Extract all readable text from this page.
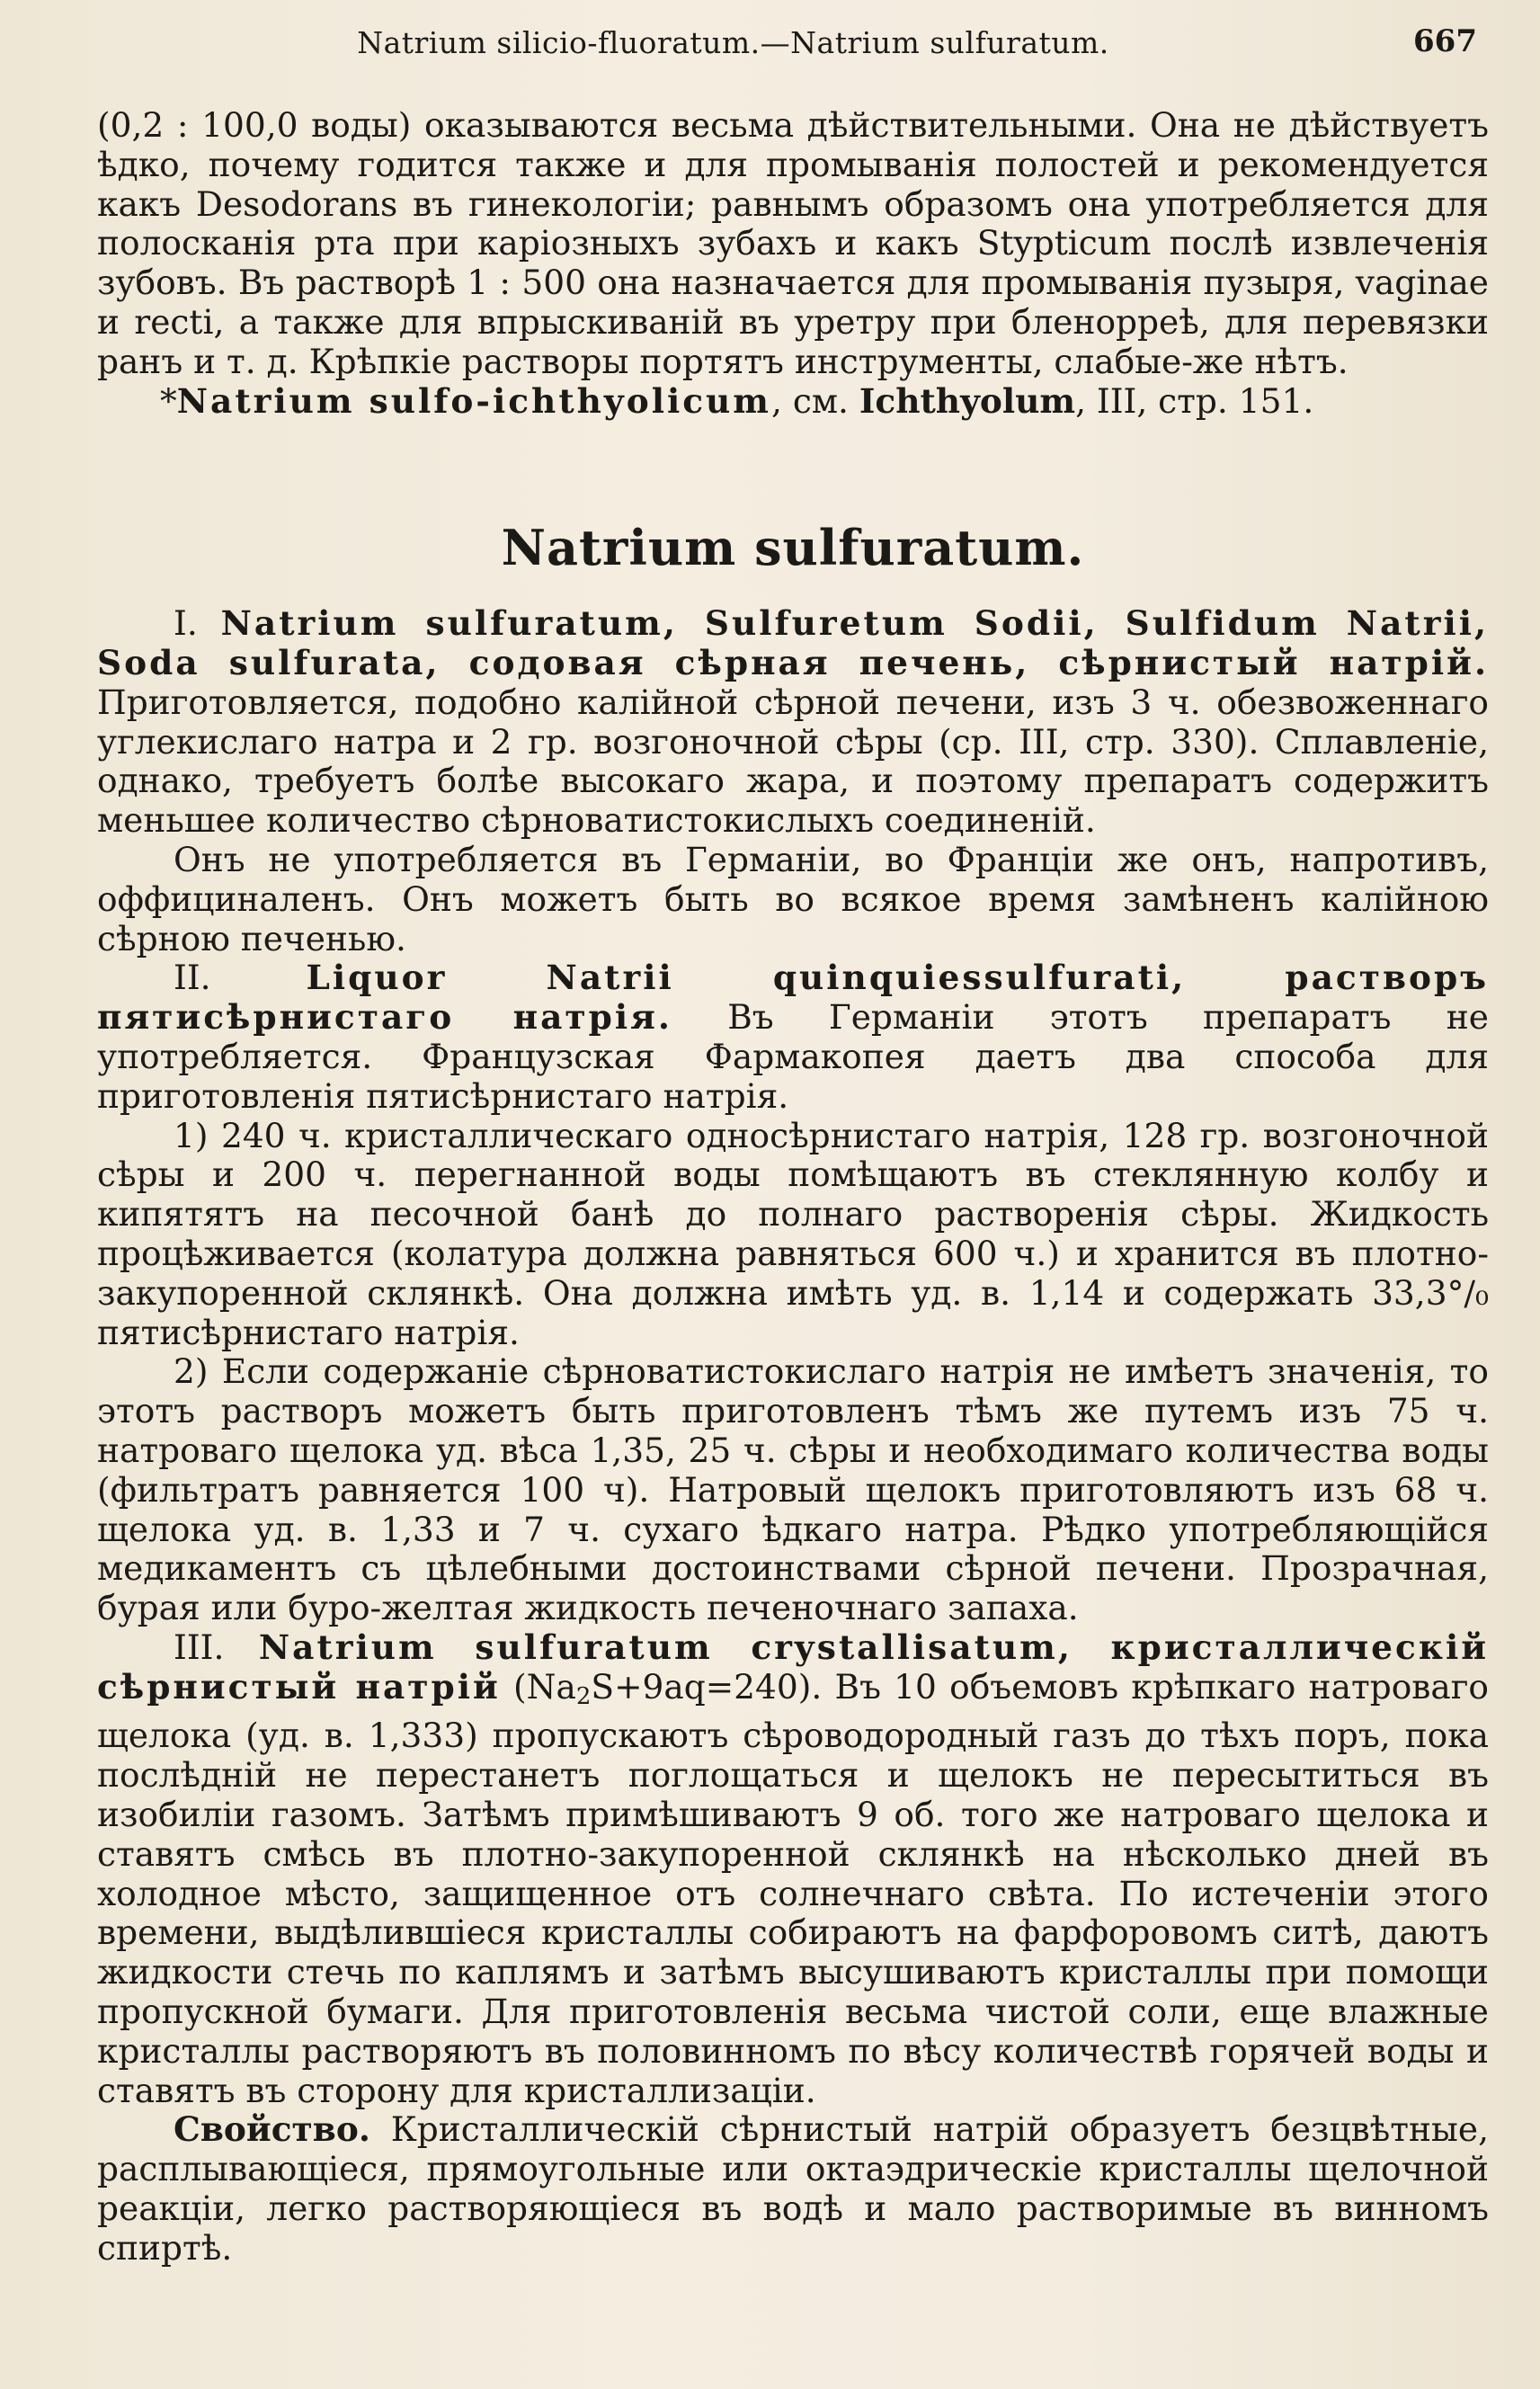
Natrium silicio-fluoratum.—Natrium sulfuratum.	667

(0,2 : 100,0 воды) оказываются весьма дѣйствительными. Она не дѣйствуетъ ѣдко, почему годится также и для промыванія полостей и рекомендуется какъ Desodorans въ гинекологіи; равнымъ образомъ она употребляется для полосканія рта при каріозныхъ зубахъ и какъ Stypticum послѣ извлеченія зубовъ. Въ растворѣ 1 : 500 она назначается для промыванія пузыря, vaginae и recti, а также для впрыскиваній въ уретру при бленорреѣ, для перевязки ранъ и т. д. Крѣпкіе растворы портятъ инструменты, слабые-же нѣтъ.

*Natrium sulfo-ichthyolicum, см. Ichthyolum, III, стр. 151.

Natrium sulfuratum.

I. Natrium sulfuratum, Sulfuretum Sodii, Sulfidum Natrii, Soda sulfurata, содовая сѣрная печень, сѣрнистый натрій. Приготовляется, подобно калійной сѣрной печени, изъ 3 ч. обезвоженнаго углекислаго натра и 2 гр. возгоночной сѣры (ср. III, стр. 330). Сплавленіе, однако, требуетъ болѣе высокаго жара, и поэтому препаратъ содержитъ меньшее количество сѣрноватистокислыхъ соединеній.

Онъ не употребляется въ Германіи, во Франціи же онъ, напротивъ, оффициналенъ. Онъ можетъ быть во всякое время замѣненъ калійною сѣрною печенью.

II. Liquor Natrii quinquiessulfurati, растворъ пятисѣрнистаго натрія. Въ Германіи этотъ препаратъ не употребляется. Французская Фармакопея даетъ два способа для приготовленія пятисѣрнистаго натрія.

1) 240 ч. кристаллическаго односѣрнистаго натрія, 128 гр. возгоночной сѣры и 200 ч. перегнанной воды помѣщаютъ въ стеклянную колбу и кипятятъ на песочной банѣ до полнаго растворенія сѣры. Жидкость процѣживается (колатура должна равняться 600 ч.) и хранится въ плотно-закупоренной склянкѣ. Она должна имѣть уд. в. 1,14 и содержать 33,3°/₀ пятисѣрнистаго натрія.

2) Если содержаніе сѣрноватистокислаго натрія не имѣетъ значенія, то этотъ растворъ можетъ быть приготовленъ тѣмъ же путемъ изъ 75 ч. натроваго щелока уд. вѣса 1,35, 25 ч. сѣры и необходимаго количества воды (фильтратъ равняется 100 ч). Натровый щелокъ приготовляютъ изъ 68 ч. щелока уд. в. 1,33 и 7 ч. сухаго ѣдкаго натра. Рѣдко употребляющійся медикаментъ съ цѣлебными достоинствами сѣрной печени. Прозрачная, бурая или буро-желтая жидкость печеночнаго запаха.

III. Natrium sulfuratum crystallisatum, кристаллическій сѣрнистый натрій $(Na_2S+9aq=240)$. Въ 10 объемовъ крѣпкаго натроваго щелока (уд. в. 1,333) пропускаютъ сѣроводородный газъ до тѣхъ поръ, пока послѣдній не перестанетъ поглощаться и щелокъ не пересытиться въ изобиліи газомъ. Затѣмъ примѣшиваютъ 9 об. того же натроваго щелока и ставятъ смѣсь въ плотно-закупоренной склянкѣ на нѣсколько дней въ холодное мѣсто, защищенное отъ солнечнаго свѣта. По истеченіи этого времени, выдѣлившіеся кристаллы собираютъ на фарфоровомъ ситѣ, даютъ жидкости стечь по каплямъ и затѣмъ высушиваютъ кристаллы при помощи пропускной бумаги. Для приготовленія весьма чистой соли, еще влажные кристаллы растворяютъ въ половинномъ по вѣсу количествѣ горячей воды и ставятъ въ сторону для кристаллизаціи.

Свойство. Кристаллическій сѣрнистый натрій образуетъ безцвѣтные, расплывающіеся, прямоугольные или октаэдрическіе кристаллы щелочной реакціи, легко растворяющіеся въ водѣ и мало растворимые въ винномъ спиртѣ.
